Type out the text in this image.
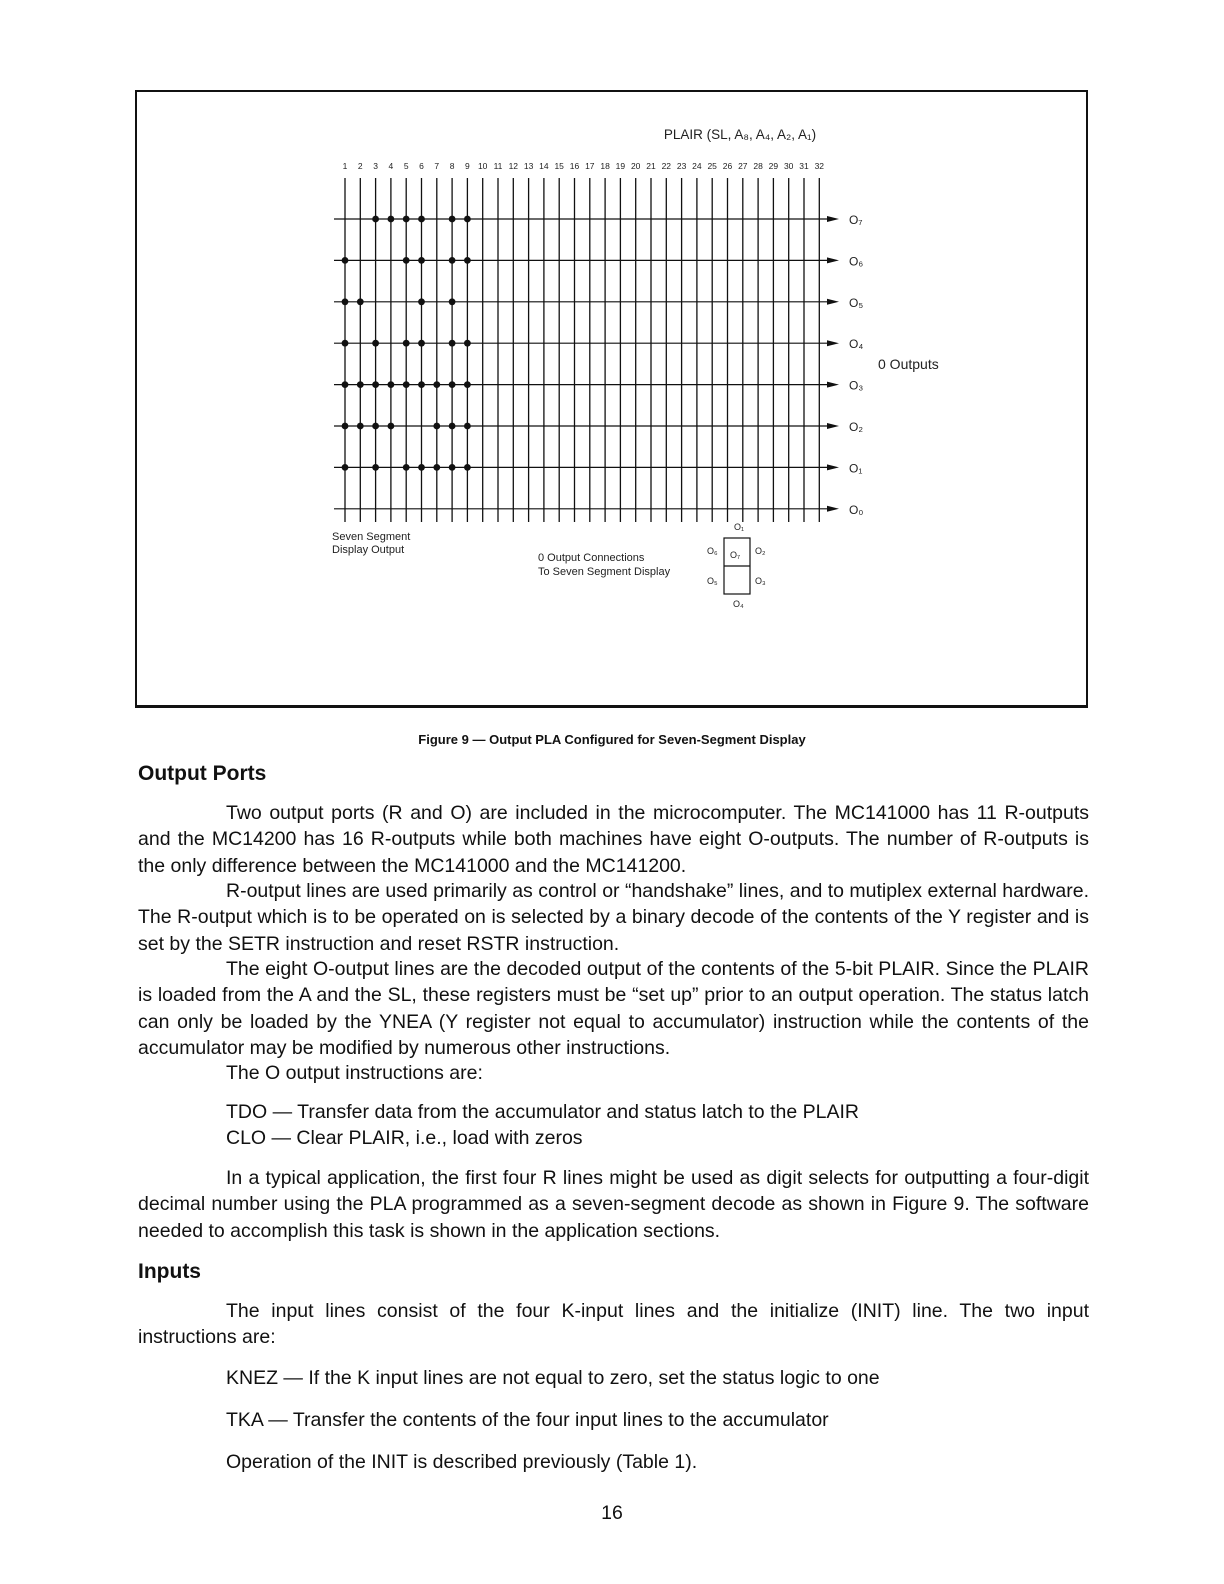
PLAIR (SL, A₈, A₄, A₂, A₁)
1 2 3 4 5 6 7 8 9 10 11 12 13 14 15 16 17 18 19 20 21 22 23 24 25 26 27 28 29 30 31 32
O₇
O₆
O₅
O₄
O₃
O₂
O₁
O₀
0 Outputs
Seven Segment
Display Output
0 Output Connections
To Seven Segment Display
O₁
O₆ O₇ O₂
O₅	O₃
O₄
Figure 9 — Output PLA Configured for Seven-Segment Display
Output Ports
Two output ports (R and O) are included in the microcomputer. The MC141000 has 11 R-outputs and the MC14200 has 16 R-outputs while both machines have eight O-outputs. The number of R-outputs is the only difference between the MC141000 and the MC141200.
R-output lines are used primarily as control or “handshake” lines, and to mutiplex external hardware. The R-output which is to be operated on is selected by a binary decode of the contents of the Y register and is set by the SETR instruction and reset RSTR instruction.
The eight O-output lines are the decoded output of the contents of the 5-bit PLAIR. Since the PLAIR is loaded from the A and the SL, these registers must be “set up” prior to an output operation. The status latch can only be loaded by the YNEA (Y register not equal to accumulator) instruction while the contents of the accumulator may be modified by numerous other instructions.
The O output instructions are:
TDO — Transfer data from the accumulator and status latch to the PLAIR
CLO — Clear PLAIR, i.e., load with zeros
In a typical application, the first four R lines might be used as digit selects for outputting a four-digit decimal number using the PLA programmed as a seven-segment decode as shown in Figure 9. The software needed to accomplish this task is shown in the application sections.
Inputs
The input lines consist of the four K-input lines and the initialize (INIT) line. The two input instructions are:
KNEZ — If the K input lines are not equal to zero, set the status logic to one
TKA — Transfer the contents of the four input lines to the accumulator
Operation of the INIT is described previously (Table 1).
16
